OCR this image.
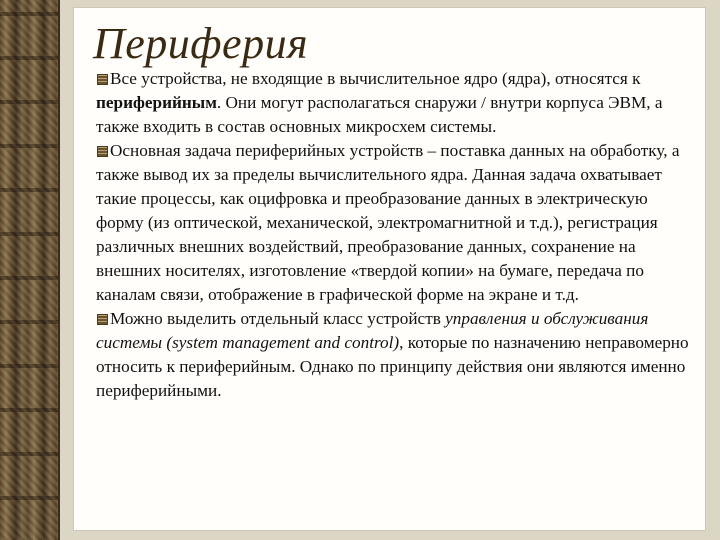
Периферия

Все устройства, не входящие в вычислительное ядро (ядра), относятся к периферийным. Они могут располагаться снаружи / внутри корпуса ЭВМ, а также входить в состав основных микросхем системы.

Основная задача периферийных устройств – поставка данных на обработку, а также вывод их за пределы вычислительного ядра. Данная задача охватывает такие процессы, как оцифровка и преобразование данных в электрическую форму (из оптической, механической, электромагнитной и т.д.), регистрация различных внешних воздействий, преобразование данных, сохранение на внешних носителях, изготовление «твердой копии» на бумаге, передача по каналам связи, отображение в графической форме на экране и т.д.

Можно выделить отдельный класс устройств управления и обслуживания системы (system management and control), которые по назначению неправомерно относить к периферийным. Однако по принципу действия они являются именно периферийными.
